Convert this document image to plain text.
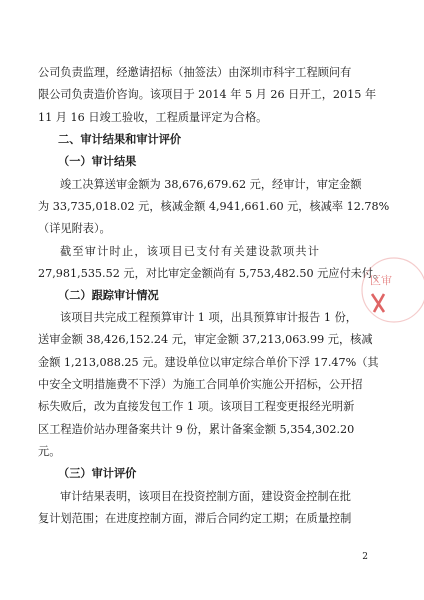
公司负责监理，经邀请招标（抽签法）由深圳市科宇工程顾问有
限公司负责造价咨询。该项目于 2014 年 5 月 26 日开工，2015 年
11 月 16 日竣工验收，工程质量评定为合格。
二、审计结果和审计评价
（一）审计结果
竣工决算送审金额为 38,676,679.62 元，经审计，审定金额
为 33,735,018.02 元，核减金额 4,941,661.60 元，核减率 12.78%
（详见附表）。
截至审计时止，该项目已支付有关建设款项共计
27,981,535.52 元，对比审定金额尚有 5,753,482.50 元应付未付。
（二）跟踪审计情况
该项目共完成工程预算审计 1 项，出具预算审计报告 1 份，
送审金额 38,426,152.24 元，审定金额 37,213,063.99 元，核减
金额 1,213,088.25 元。建设单位以审定综合单价下浮 17.47%（其
中安全文明措施费不下浮）为施工合同单价实施公开招标，公开招
标失败后，改为直接发包工作 1 项。该项目工程变更报经光明新
区工程造价站办理备案共计 9 份，累计备案金额 5,354,302.20
元。
（三）审计评价
审计结果表明，该项目在投资控制方面，建设资金控制在批
复计划范围；在进度控制方面，滞后合同约定工期；在质量控制
2
区审
